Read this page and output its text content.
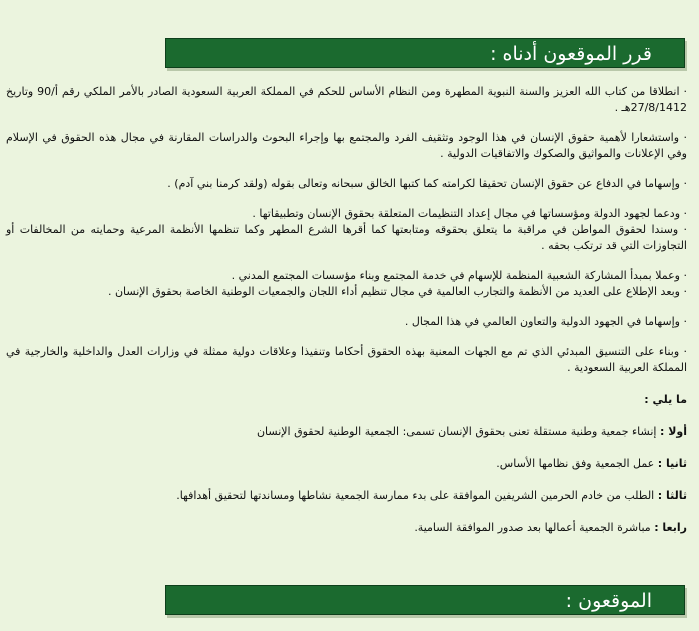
قرر الموقعون أدناه :

· انطلاقا من كتاب الله العزيز والسنة النبوية المطهرة ومن النظام الأساس للحكم في المملكة العربية السعودية الصادر بالأمر الملكي رقم أ/90 وتاريخ 27/8/1412هـ .

· واستشعارا لأهمية حقوق الإنسان في هذا الوجود وتثقيف الفرد والمجتمع بها وإجراء البحوث والدراسات المقارنة في مجال هذه الحقوق في الإسلام وفي الإعلانات والمواثيق والصكوك والاتفاقيات الدولية .

· وإسهاما في الدفاع عن حقوق الإنسان تحقيقا لكرامته كما كتبها الخالق سبحانه وتعالى بقوله (ولقد كرمنا بني آدم) .

· ودعما لجهود الدولة ومؤسساتها في مجال إعداد التنظيمات المتعلقة بحقوق الإنسان وتطبيقاتها .

· وسندا لحقوق المواطن في مراقبة ما يتعلق بحقوقه ومتابعتها كما أقرها الشرع المطهر وكما تنظمها الأنظمة المرعية وحمايته من المخالفات أو التجاوزات التي قد ترتكب بحقه .

· وعملا بمبدأ المشاركة الشعبية المنظمة للإسهام في خدمة المجتمع وبناء مؤسسات المجتمع المدني .

· وبعد الإطلاع على العديد من الأنظمة والتجارب العالمية في مجال تنظيم أداء اللجان والجمعيات الوطنية الخاصة بحقوق الإنسان .

· وإسهاما في الجهود الدولية والتعاون العالمي في هذا المجال .

· وبناء على التنسيق المبدئي الذي تم مع الجهات المعنية بهذه الحقوق أحكاما وتنفيذا وعلاقات دولية ممثلة في وزارات العدل والداخلية والخارجية في المملكة العربية السعودية .

ما يلي :

أولا : إنشاء جمعية وطنية مستقلة تعنى بحقوق الإنسان تسمى: الجمعية الوطنية لحقوق الإنسان

ثانيا : عمل الجمعية وفق نظامها الأساس.

ثالثا : الطلب من خادم الحرمين الشريفين الموافقة على بدء ممارسة الجمعية نشاطها ومساندتها لتحقيق أهدافها.

رابعا : مباشرة الجمعية أعمالها بعد صدور الموافقة السامية.

الموقعون :
